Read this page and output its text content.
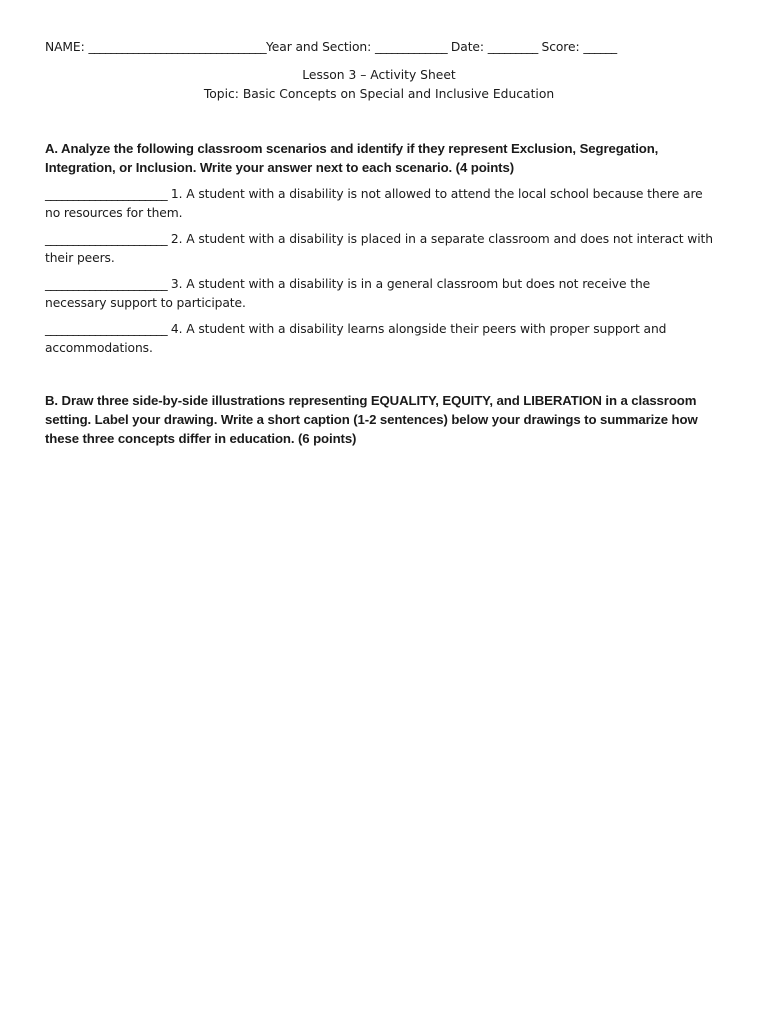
NAME: ________________________________Year and Section: _____________ Date: _________ Score: ______
Lesson 3 – Activity Sheet
Topic: Basic Concepts on Special and Inclusive Education
A. Analyze the following classroom scenarios and identify if they represent Exclusion, Segregation, Integration, or Inclusion. Write your answer next to each scenario. (4 points)
______________________ 1. A student with a disability is not allowed to attend the local school because there are no resources for them.
______________________ 2. A student with a disability is placed in a separate classroom and does not interact with their peers.
______________________ 3. A student with a disability is in a general classroom but does not receive the necessary support to participate.
______________________ 4. A student with a disability learns alongside their peers with proper support and accommodations.
B. Draw three side-by-side illustrations representing EQUALITY, EQUITY, and LIBERATION in a classroom setting. Label your drawing. Write a short caption (1-2 sentences) below your drawings to summarize how these three concepts differ in education. (6 points)
